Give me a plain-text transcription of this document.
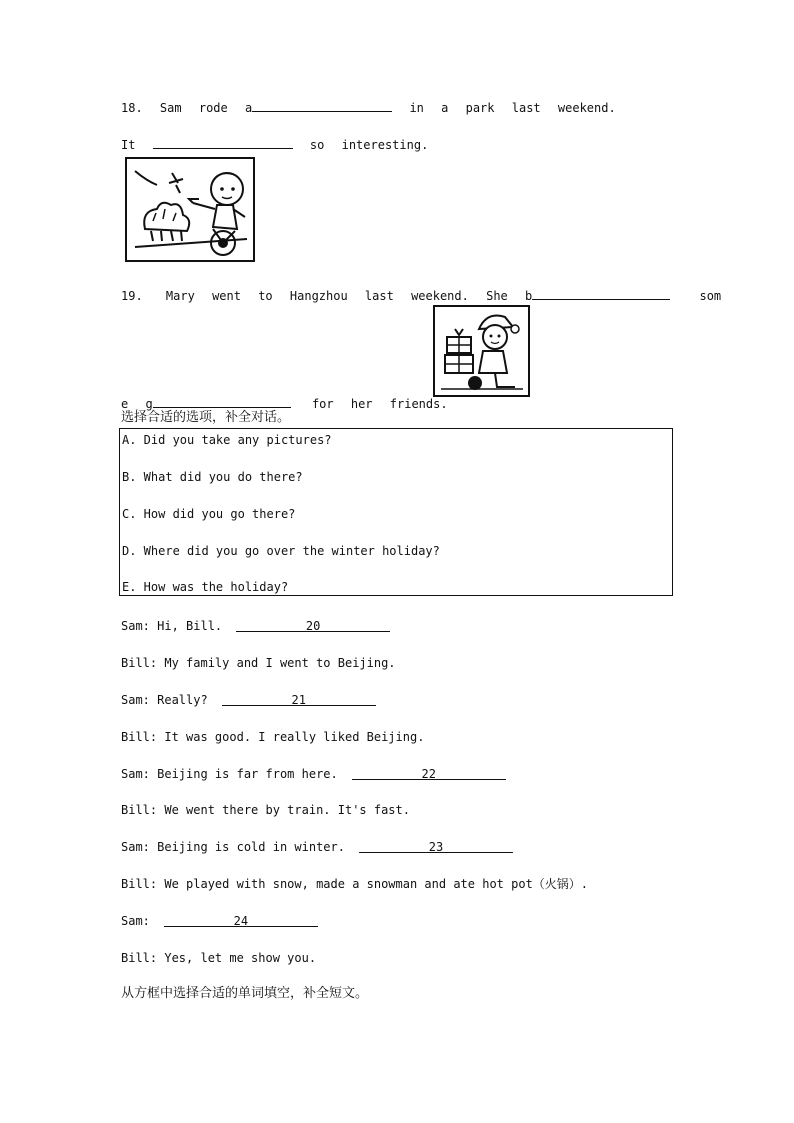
18. Sam rode a	in a park last weekend.
It	so interesting.
19. Mary went to Hangzhou last weekend. She b	som
e g	for her friends.
选择合适的选项，补全对话。
A. Did you take any pictures?
B. What did you do there?
C. How did you go there?
D. Where did you go over the winter holiday?
E. How was the holiday?
Sam: Hi, Bill.	20
Bill: My family and I went to Beijing.
Sam: Really?	21
Bill: It was good. I really liked Beijing.
Sam: Beijing is far from here.	22
Bill: We went there by train. It's fast.
Sam: Beijing is cold in winter.	23
Bill: We played with snow, made a snowman and ate hot pot（火锅）.
Sam:	24
Bill: Yes, let me show you.
从方框中选择合适的单词填空，补全短文。
